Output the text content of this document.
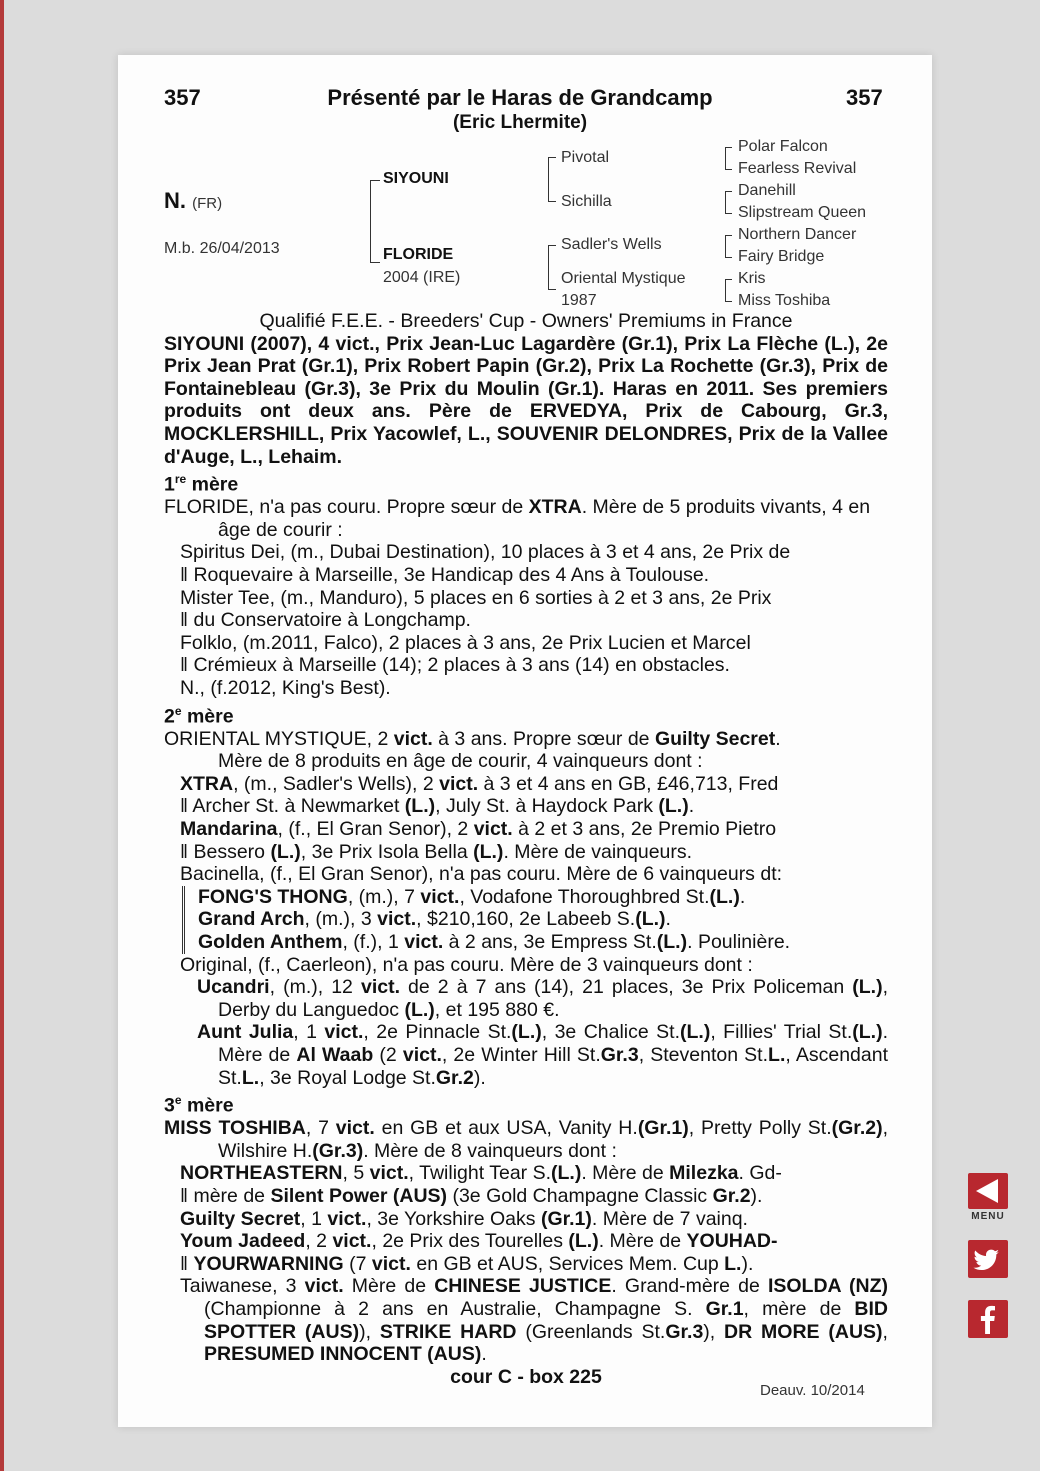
357	Présenté par le Haras de Grandcamp	357
(Eric Lhermite)
N. (FR)
M.b. 26/04/2013
SIYOUNI
FLORIDE
2004 (IRE)
Pivotal
Sichilla
Sadler's Wells
Oriental Mystique
1987
Polar Falcon
Fearless Revival
Danehill
Slipstream Queen
Northern Dancer
Fairy Bridge
Kris
Miss Toshiba

Qualifié F.E.E. - Breeders' Cup - Owners' Premiums in France

SIYOUNI (2007), 4 vict., Prix Jean-Luc Lagardère (Gr.1), Prix La Flèche (L.), 2e Prix Jean Prat (Gr.1), Prix Robert Papin (Gr.2), Prix La Rochette (Gr.3), Prix de Fontainebleau (Gr.3), 3e Prix du Moulin (Gr.1). Haras en 2011. Ses premiers produits ont deux ans. Père de ERVEDYA, Prix de Cabourg, Gr.3, MOCKLERSHILL, Prix Yacowlef, L., SOUVENIR DELONDRES, Prix de la Vallee d'Auge, L., Lehaim.

1re mère

FLORIDE, n'a pas couru. Propre sœur de XTRA. Mère de 5 produits vivants, 4 en âge de courir :

Spiritus Dei, (m., Dubai Destination), 10 places à 3 et 4 ans, 2e Prix de

‖ Roquevaire à Marseille, 3e Handicap des 4 Ans à Toulouse.

Mister Tee, (m., Manduro), 5 places en 6 sorties à 2 et 3 ans, 2e Prix

‖ du Conservatoire à Longchamp.

Folklo, (m.2011, Falco), 2 places à 3 ans, 2e Prix Lucien et Marcel

‖ Crémieux à Marseille (14); 2 places à 3 ans (14) en obstacles.

N., (f.2012, King's Best).

2e mère

ORIENTAL MYSTIQUE, 2 vict. à 3 ans. Propre sœur de Guilty Secret.

Mère de 8 produits en âge de courir, 4 vainqueurs dont :

XTRA, (m., Sadler's Wells), 2 vict. à 3 et 4 ans en GB, £46,713, Fred

‖ Archer St. à Newmarket (L.), July St. à Haydock Park (L.).

Mandarina, (f., El Gran Senor), 2 vict. à 2 et 3 ans, 2e Premio Pietro

‖ Bessero (L.), 3e Prix Isola Bella (L.). Mère de vainqueurs.

Bacinella, (f., El Gran Senor), n'a pas couru. Mère de 6 vainqueurs dt:

FONG'S THONG, (m.), 7 vict., Vodafone Thoroughbred St.(L.).

Grand Arch, (m.), 3 vict., $210,160, 2e Labeeb S.(L.).

Golden Anthem, (f.), 1 vict. à 2 ans, 3e Empress St.(L.). Poulinière.

Original, (f., Caerleon), n'a pas couru. Mère de 3 vainqueurs dont :

Ucandri, (m.), 12 vict. de 2 à 7 ans (14), 21 places, 3e Prix Policeman (L.), Derby du Languedoc (L.), et 195 880 €.

Aunt Julia, 1 vict., 2e Pinnacle St.(L.), 3e Chalice St.(L.), Fillies' Trial St.(L.). Mère de Al Waab (2 vict., 2e Winter Hill St.Gr.3, Steventon St.L., Ascendant St.L., 3e Royal Lodge St.Gr.2).

3e mère

MISS TOSHIBA, 7 vict. en GB et aux USA, Vanity H.(Gr.1), Pretty Polly St.(Gr.2), Wilshire H.(Gr.3). Mère de 8 vainqueurs dont :

NORTHEASTERN, 5 vict., Twilight Tear S.(L.). Mère de Milezka. Gd-

‖ mère de Silent Power (AUS) (3e Gold Champagne Classic Gr.2).

Guilty Secret, 1 vict., 3e Yorkshire Oaks (Gr.1). Mère de 7 vainq.

Youm Jadeed, 2 vict., 2e Prix des Tourelles (L.). Mère de YOUHAD-

‖ YOURWARNING (7 vict. en GB et AUS, Services Mem. Cup L.).

Taiwanese, 3 vict. Mère de CHINESE JUSTICE. Grand-mère de ISOLDA (NZ) (Championne à 2 ans en Australie, Champagne S. Gr.1, mère de BID SPOTTER (AUS)), STRIKE HARD (Greenlands St.Gr.3), DR MORE (AUS), PRESUMED INNOCENT (AUS).

cour C - box 225

Deauv. 10/2014
MENU
